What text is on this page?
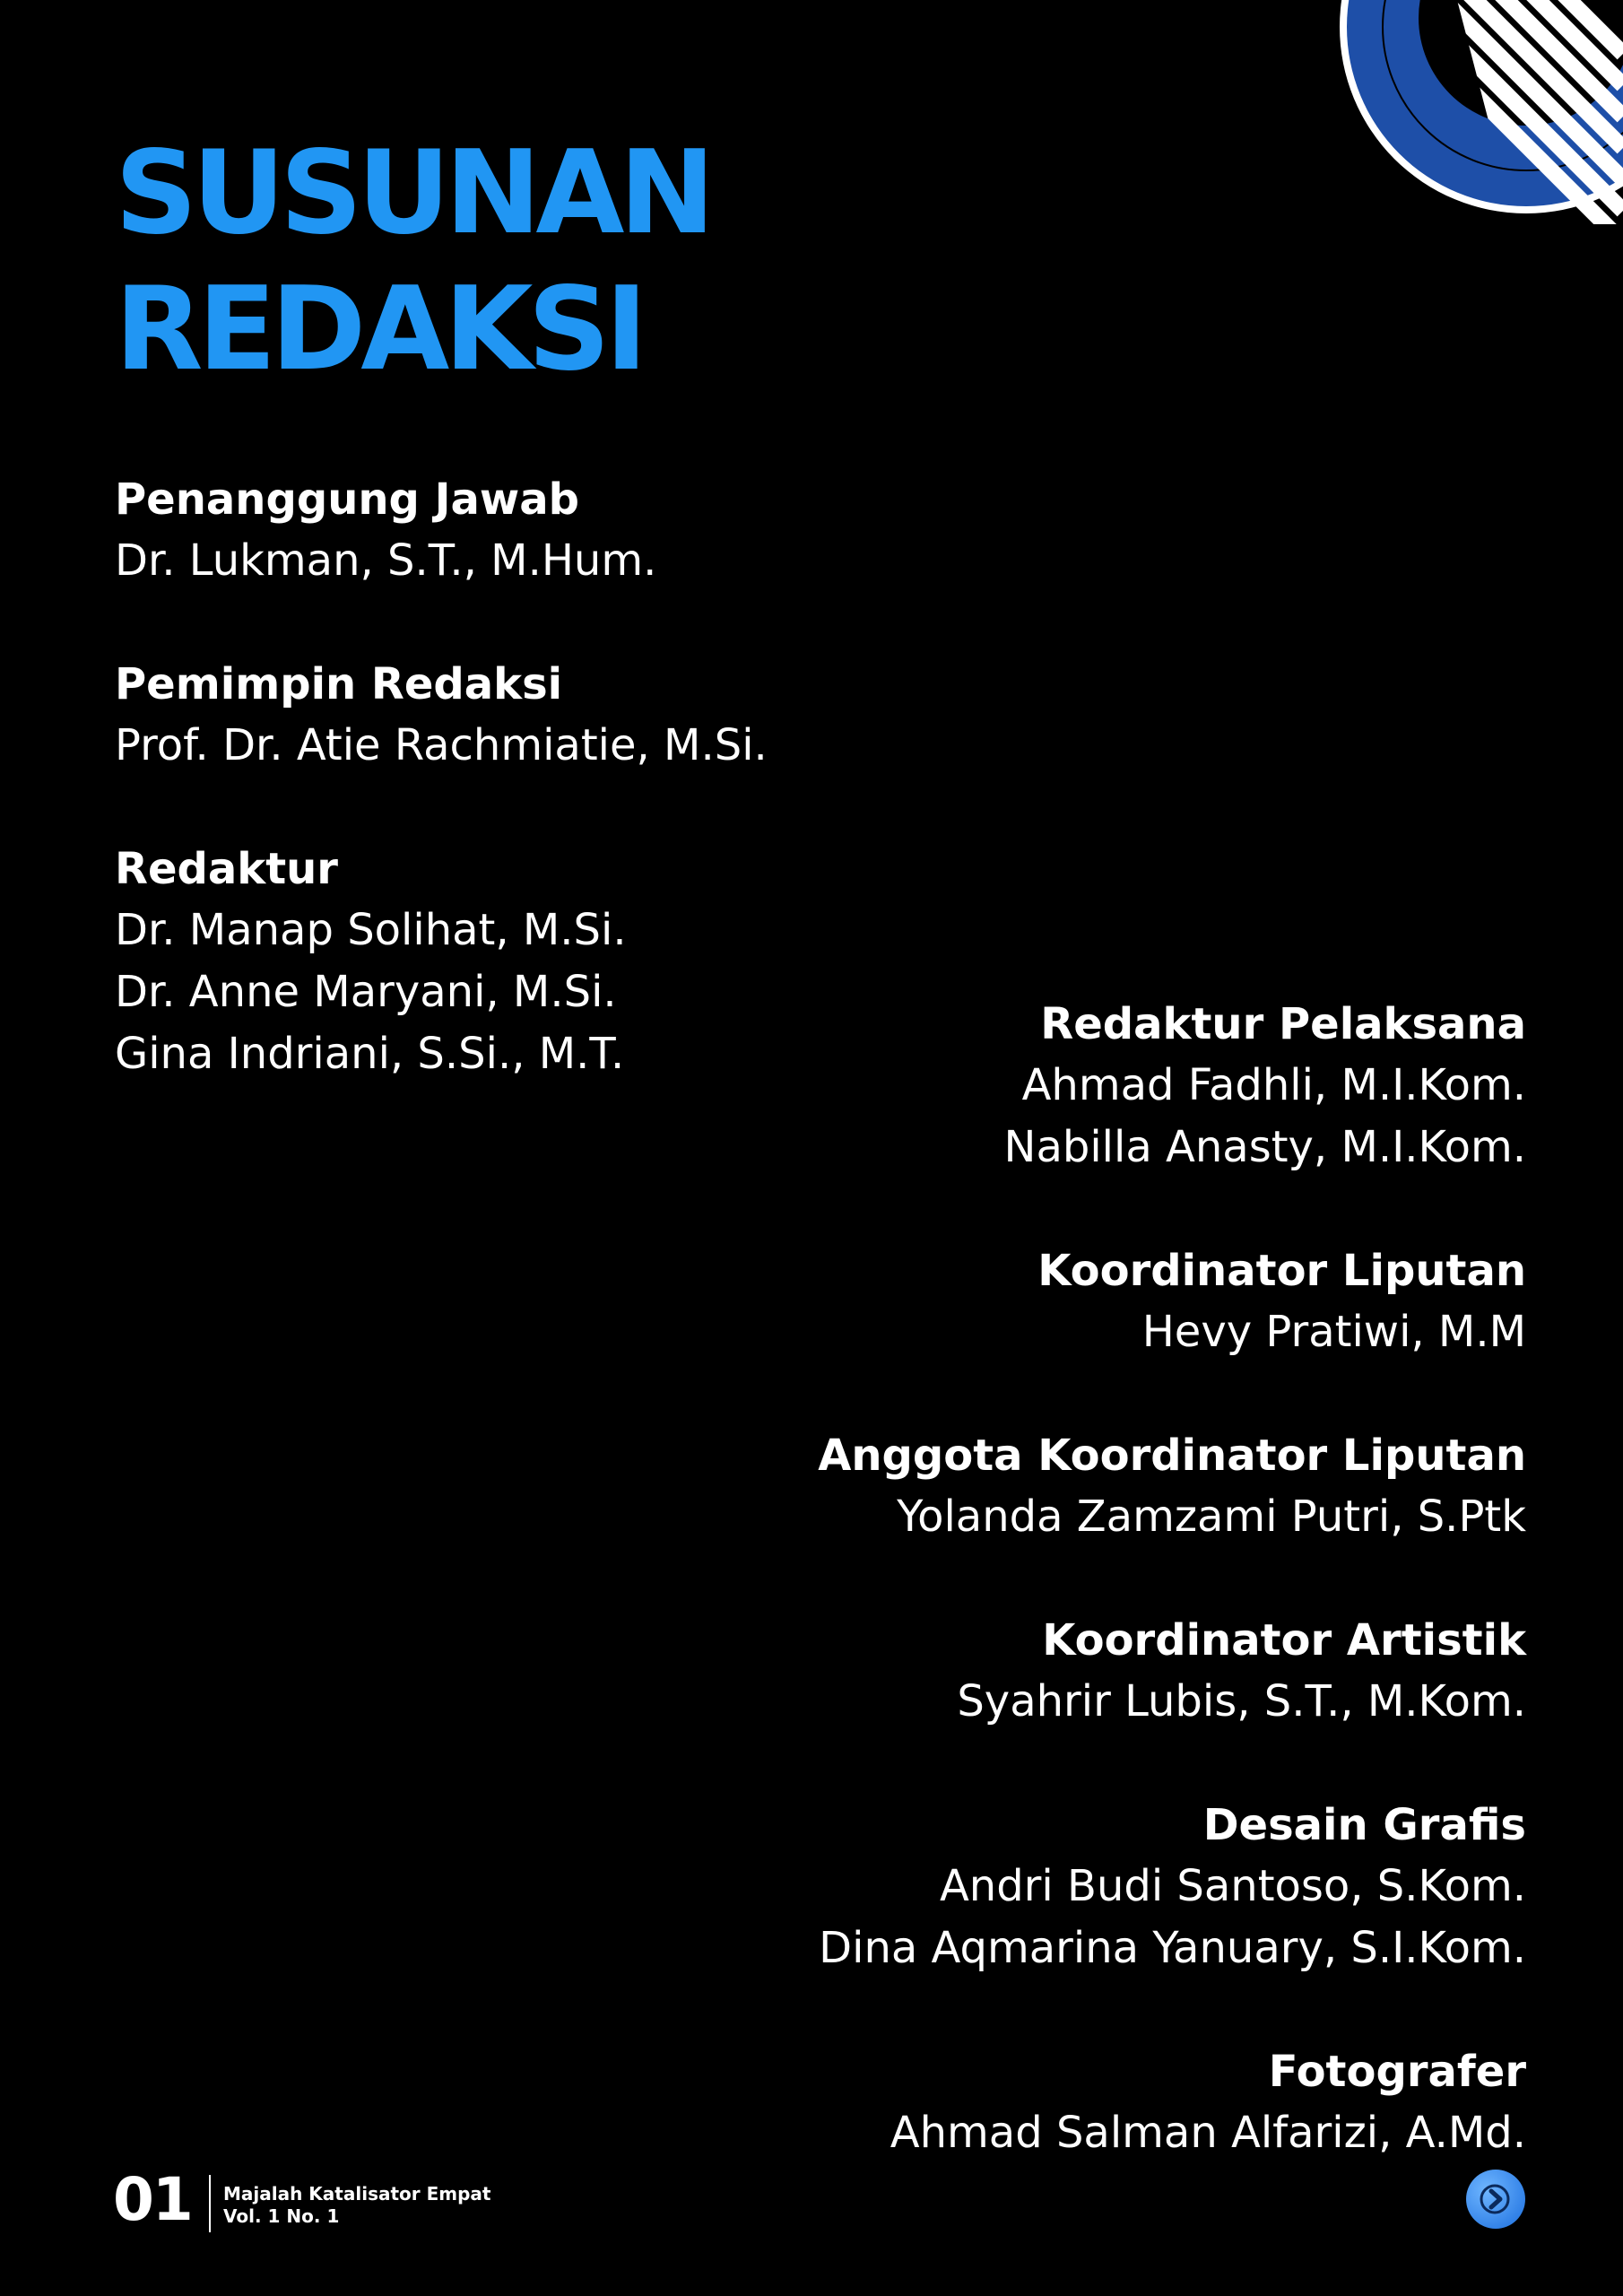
SUSUNAN
REDAKSI
Penanggung Jawab
Dr. Lukman, S.T., M.Hum.
Pemimpin Redaksi
Prof. Dr. Atie Rachmiatie, M.Si.
Redaktur
Dr. Manap Solihat, M.Si.
Dr. Anne Maryani, M.Si.
Gina Indriani, S.Si., M.T.
Redaktur Pelaksana
Ahmad Fadhli, M.I.Kom.
Nabilla Anasty, M.I.Kom.
Koordinator Liputan
Hevy Pratiwi, M.M
Anggota Koordinator Liputan
Yolanda Zamzami Putri, S.Ptk
Koordinator Artistik
Syahrir Lubis, S.T., M.Kom.
Desain Grafis
Andri Budi Santoso, S.Kom.
Dina Aqmarina Yanuary, S.I.Kom.
Fotografer
Ahmad Salman Alfarizi, A.Md.
01 Majalah Katalisator Empat
Vol. 1 No. 1
